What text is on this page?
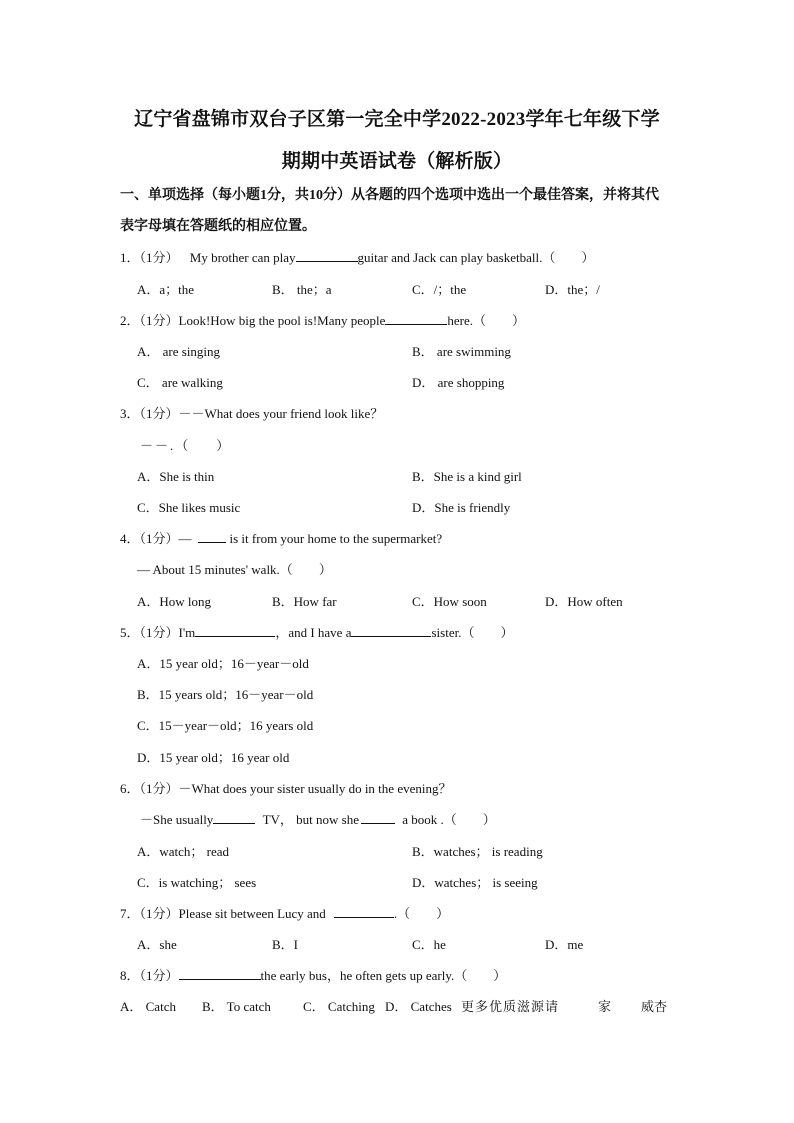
辽宁省盘锦市双台子区第一完全中学2022-2023学年七年级下学
期期中英语试卷（解析版）
一、单项选择（每小题1分，共10分）从各题的四个选项中选出一个最佳答案，并将其代
表字母填在答题纸的相应位置。
1．（1分） My brother can play	guitar and Jack can play basketball.（ ）
A．a；the	B． the；a	C．/；the	D．the；/
2．（1分）Look!How big the pool is!Many people	here.（ ）
A． are singing	B． are swimming
C． are walking	D． are shopping
3．（1分）－－What does your friend look like？
－－.（ ）
A．She is thin	B．She is a kind girl
C．She likes music	D．She is friendly
4．（1分）—	is it from your home to the supermarket?
— About 15 minutes' walk.（ ）
A．How long	B．How far	C．How soon	D．How often
5．（1分）I'm	，and I have a	sister.（ ）
A．15 year old；16－year－old
B．15 years old；16－year－old
C．15－year－old；16 years old
D．15 year old；16 year old
6．（1分）－What does your sister usually do in the evening？
－She usually	TV， but now she	a book .（ ）
A．watch； read	B．watches； is reading
C．is watching； sees	D．watches； is seeing
7．（1分）Please sit between Lucy and	.（ ）
A．she	B．I	C．he	D．me
8．（1分）	the early bus，he often gets up early.（ ）
A． Catch B． To catch C． Catching D． Catches 更多优质滋源请	家 威杏
